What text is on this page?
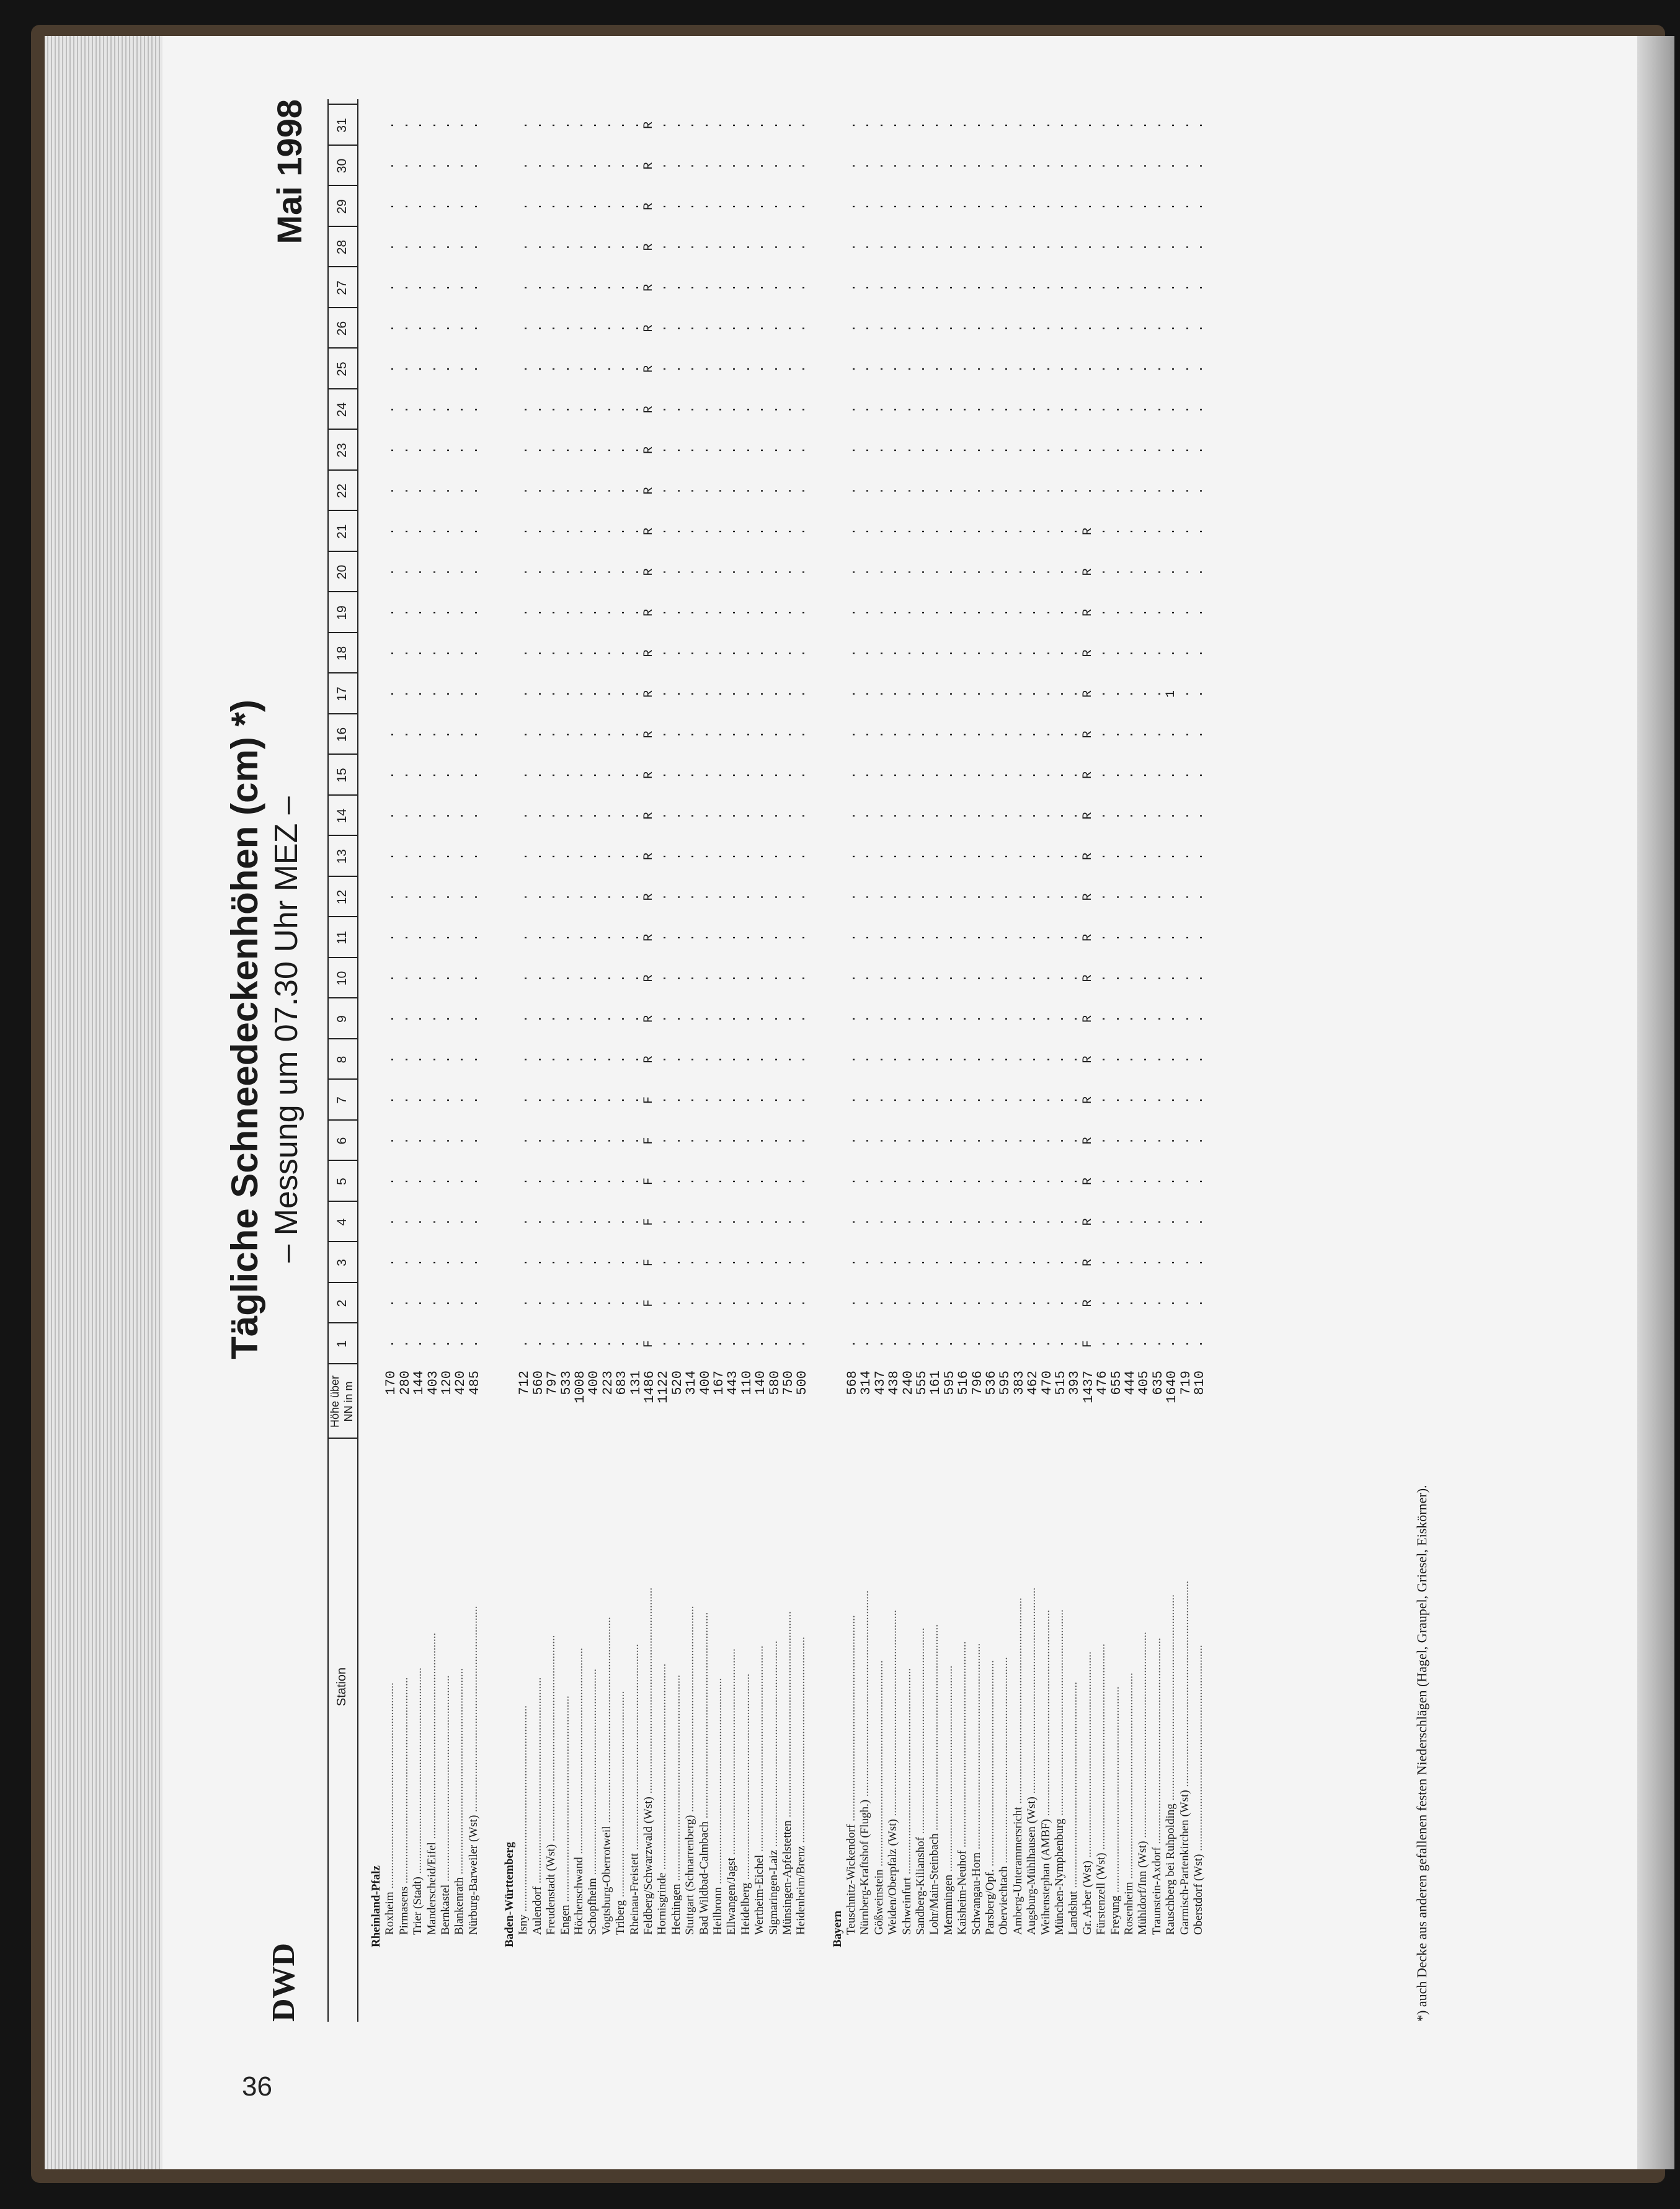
36
DWD
Tägliche Schneedeckenhöhen (cm) *) – Messung um 07.30 Uhr MEZ –
Mai 1998
Station
Höhe über NN in m
1
2
3
4
5
6
7
8
9
10
11
12
13
14
15
16
17
18
19
20
21
22
23
24
25
26
27
28
29
30
31
Rheinland-Pfalz Roxheim .....
170
.
.
.
.
.
.
.
.
.
.
.
.
.
.
.
.
.
.
.
.
.
.
.
.
.
.
.
.
.
.
.
Pirmasens .....
280
.
.
.
.
.
.
.
.
.
.
.
.
.
.
.
.
.
.
.
.
.
.
.
.
.
.
.
.
.
.
.
Trier (Stadt) .....
144
.
.
.
.
.
.
.
.
.
.
.
.
.
.
.
.
.
.
.
.
.
.
.
.
.
.
.
.
.
.
.
Manderscheid/Eifel .....
403
.
.
.
.
.
.
.
.
.
.
.
.
.
.
.
.
.
.
.
.
.
.
.
.
.
.
.
.
.
.
.
Bernkastel .....
120
.
.
.
.
.
.
.
.
.
.
.
.
.
.
.
.
.
.
.
.
.
.
.
.
.
.
.
.
.
.
.
Blankenrath .....
420
.
.
.
.
.
.
.
.
.
.
.
.
.
.
.
.
.
.
.
.
.
.
.
.
.
.
.
.
.
.
.
Nürburg-Barweiler (Wst) .....
485
.
.
.
.
.
.
.
.
.
.
.
.
.
.
.
.
.
.
.
.
.
.
.
.
.
.
.
.
.
.
.
Baden-Württemberg Isny .....
712
.
.
.
.
.
.
.
.
.
.
.
.
.
.
.
.
.
.
.
.
.
.
.
.
.
.
.
.
.
.
.
Aulendorf .....
560
.
.
.
.
.
.
.
.
.
.
.
.
.
.
.
.
.
.
.
.
.
.
.
.
.
.
.
.
.
.
.
Freudenstadt (Wst) .....
797
.
.
.
.
.
.
.
.
.
.
.
.
.
.
.
.
.
.
.
.
.
.
.
.
.
.
.
.
.
.
.
Engen .....
533
.
.
.
.
.
.
.
.
.
.
.
.
.
.
.
.
.
.
.
.
.
.
.
.
.
.
.
.
.
.
.
Höchenschwand .....
1008
.
.
.
.
.
.
.
.
.
.
.
.
.
.
.
.
.
.
.
.
.
.
.
.
.
.
.
.
.
.
.
Schopfheim .....
400
.
.
.
.
.
.
.
.
.
.
.
.
.
.
.
.
.
.
.
.
.
.
.
.
.
.
.
.
.
.
.
Vogtsburg-Oberrotweil .....
223
.
.
.
.
.
.
.
.
.
.
.
.
.
.
.
.
.
.
.
.
.
.
.
.
.
.
.
.
.
.
.
Triberg .....
683
.
.
.
.
.
.
.
.
.
.
.
.
.
.
.
.
.
.
.
.
.
.
.
.
.
.
.
.
.
.
.
Rheinau-Freistett .....
131
.
.
.
.
.
.
.
.
.
.
.
.
.
.
.
.
.
.
.
.
.
.
.
.
.
.
.
.
.
.
.
Feldberg/Schwarzwald (Wst) .....
1486
F
F
F
F
F
F
F
R
R
R
R
R
R
R
R
R
R
R
R
R
R
R
R
R
R
R
R
R
R
R
R
Hornisgrinde .....
1122
.
.
.
.
.
.
.
.
.
.
.
.
.
.
.
.
.
.
.
.
.
.
.
.
.
.
.
.
.
.
.
Hechingen .....
520
.
.
.
.
.
.
.
.
.
.
.
.
.
.
.
.
.
.
.
.
.
.
.
.
.
.
.
.
.
.
.
Stuttgart (Schnarrenberg) .....
314
.
.
.
.
.
.
.
.
.
.
.
.
.
.
.
.
.
.
.
.
.
.
.
.
.
.
.
.
.
.
.
Bad Wildbad-Calmbach .....
400
.
.
.
.
.
.
.
.
.
.
.
.
.
.
.
.
.
.
.
.
.
.
.
.
.
.
.
.
.
.
.
Heilbronn .....
167
.
.
.
.
.
.
.
.
.
.
.
.
.
.
.
.
.
.
.
.
.
.
.
.
.
.
.
.
.
.
.
Ellwangen/Jagst .....
443
.
.
.
.
.
.
.
.
.
.
.
.
.
.
.
.
.
.
.
.
.
.
.
.
.
.
.
.
.
.
.
Heidelberg .....
110
.
.
.
.
.
.
.
.
.
.
.
.
.
.
.
.
.
.
.
.
.
.
.
.
.
.
.
.
.
.
.
Wertheim-Eichel .....
140
.
.
.
.
.
.
.
.
.
.
.
.
.
.
.
.
.
.
.
.
.
.
.
.
.
.
.
.
.
.
.
Sigmaringen-Laiz .....
580
.
.
.
.
.
.
.
.
.
.
.
.
.
.
.
.
.
.
.
.
.
.
.
.
.
.
.
.
.
.
.
Münsingen-Apfelstetten .....
750
.
.
.
.
.
.
.
.
.
.
.
.
.
.
.
.
.
.
.
.
.
.
.
.
.
.
.
.
.
.
.
Heidenheim/Brenz .....
500
.
.
.
.
.
.
.
.
.
.
.
.
.
.
.
.
.
.
.
.
.
.
.
.
.
.
.
.
.
.
.
Bayern Teuschnitz-Wickendorf .....
568
.
.
.
.
.
.
.
.
.
.
.
.
.
.
.
.
.
.
.
.
.
.
.
.
.
.
.
.
.
.
.
Nürnberg-Kraftshof (Flugh.) .....
314
.
.
.
.
.
.
.
.
.
.
.
.
.
.
.
.
.
.
.
.
.
.
.
.
.
.
.
.
.
.
.
Gößweinstein .....
437
.
.
.
.
.
.
.
.
.
.
.
.
.
.
.
.
.
.
.
.
.
.
.
.
.
.
.
.
.
.
.
Weiden/Oberpfalz (Wst) .....
438
.
.
.
.
.
.
.
.
.
.
.
.
.
.
.
.
.
.
.
.
.
.
.
.
.
.
.
.
.
.
.
Schweinfurt .....
240
.
.
.
.
.
.
.
.
.
.
.
.
.
.
.
.
.
.
.
.
.
.
.
.
.
.
.
.
.
.
.
Sandberg-Kilianshof .....
555
.
.
.
.
.
.
.
.
.
.
.
.
.
.
.
.
.
.
.
.
.
.
.
.
.
.
.
.
.
.
.
Lohr/Main-Steinbach .....
161
.
.
.
.
.
.
.
.
.
.
.
.
.
.
.
.
.
.
.
.
.
.
.
.
.
.
.
.
.
.
.
Memmingen .....
595
.
.
.
.
.
.
.
.
.
.
.
.
.
.
.
.
.
.
.
.
.
.
.
.
.
.
.
.
.
.
.
Kaisheim-Neuhof .....
516
.
.
.
.
.
.
.
.
.
.
.
.
.
.
.
.
.
.
.
.
.
.
.
.
.
.
.
.
.
.
.
Schwangau-Horn .....
796
.
.
.
.
.
.
.
.
.
.
.
.
.
.
.
.
.
.
.
.
.
.
.
.
.
.
.
.
.
.
.
Parsberg/Opf. .....
536
.
.
.
.
.
.
.
.
.
.
.
.
.
.
.
.
.
.
.
.
.
.
.
.
.
.
.
.
.
.
.
Oberviechtach .....
595
.
.
.
.
.
.
.
.
.
.
.
.
.
.
.
.
.
.
.
.
.
.
.
.
.
.
.
.
.
.
.
Amberg-Unterammersricht .....
383
.
.
.
.
.
.
.
.
.
.
.
.
.
.
.
.
.
.
.
.
.
.
.
.
.
.
.
.
.
.
.
Augsburg-Mühlhausen (Wst) .....
462
.
.
.
.
.
.
.
.
.
.
.
.
.
.
.
.
.
.
.
.
.
.
.
.
.
.
.
.
.
.
.
Weihenstephan (AMBF) .....
470
.
.
.
.
.
.
.
.
.
.
.
.
.
.
.
.
.
.
.
.
.
.
.
.
.
.
.
.
.
.
.
München-Nymphenburg .....
515
.
.
.
.
.
.
.
.
.
.
.
.
.
.
.
.
.
.
.
.
.
.
.
.
.
.
.
.
.
.
.
Landshut .....
393
.
.
.
.
.
.
.
.
.
.
.
.
.
.
.
.
.
.
.
.
.
.
.
.
.
.
.
.
.
.
.
Gr. Arber (Wst) .....
1437
F
R
R
R
R
R
R
R
R
R
R
R
R
R
R
R
R
R
R
R
R
.
.
.
.
.
.
.
.
.
.
Fürstenzell (Wst) .....
476
.
.
.
.
.
.
.
.
.
.
.
.
.
.
.
.
.
.
.
.
.
.
.
.
.
.
.
.
.
.
.
Freyung .....
655
.
.
.
.
.
.
.
.
.
.
.
.
.
.
.
.
.
.
.
.
.
.
.
.
.
.
.
.
.
.
.
Rosenheim .....
444
.
.
.
.
.
.
.
.
.
.
.
.
.
.
.
.
.
.
.
.
.
.
.
.
.
.
.
.
.
.
.
Mühldorf/Inn (Wst) .....
405
.
.
.
.
.
.
.
.
.
.
.
.
.
.
.
.
.
.
.
.
.
.
.
.
.
.
.
.
.
.
.
Traunstein-Axdorf .....
635
.
.
.
.
.
.
.
.
.
.
.
.
.
.
.
.
.
.
.
.
.
.
.
.
.
.
.
.
.
.
.
Rauschberg bei Ruhpolding .....
1640
.
.
.
.
.
.
.
.
.
.
.
.
.
.
.
.
1
.
.
.
.
.
.
.
.
.
.
.
.
.
.
Garmisch-Partenkirchen (Wst) .....
719
.
.
.
.
.
.
.
.
.
.
.
.
.
.
.
.
.
.
.
.
.
.
.
.
.
.
.
.
.
.
.
Oberstdorf (Wst) .....
810
.
.
.
.
.
.
.
.
.
.
.
.
.
.
.
.
.
.
.
.
.
.
.
.
.
.
.
.
.
.
.
*) auch Decke aus anderen gefallenen festen Niederschlägen (Hagel, Graupel, Griesel, Eiskörner).
